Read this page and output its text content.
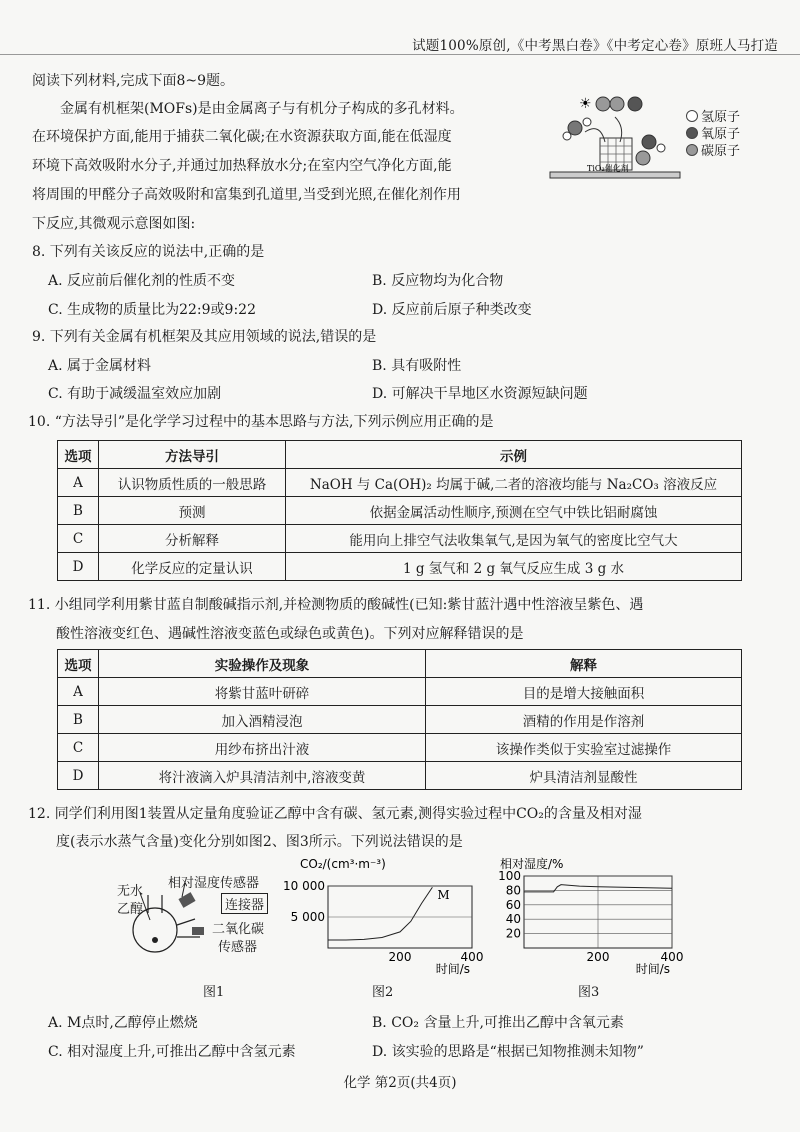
试题100%原创,《中考黑白卷》《中考定心卷》原班人马打造
阅读下列材料,完成下面8~9题。
金属有机框架(MOFs)是由金属离子与有机分子构成的多孔材料。
在环境保护方面,能用于捕获二氧化碳;在水资源获取方面,能在低湿度
环境下高效吸附水分子,并通过加热释放水分;在室内空气净化方面,能
将周围的甲醛分子高效吸附和富集到孔道里,当受到光照,在催化剂作用
下反应,其微观示意图如图:
☀
TiO₂催化剂
氢原子
氧原子
碳原子
8. 下列有关该反应的说法中,正确的是
A. 反应前后催化剂的性质不变	B. 反应物均为化合物
C. 生成物的质量比为22:9或9:22	D. 反应前后原子种类改变
9. 下列有关金属有机框架及其应用领域的说法,错误的是
A. 属于金属材料	B. 具有吸附性
C. 有助于减缓温室效应加剧	D. 可解决干旱地区水资源短缺问题
10. “方法导引”是化学学习过程中的基本思路与方法,下列示例应用正确的是
选项	方法导引	示例
A	认识物质性质的一般思路	NaOH 与 Ca(OH)₂ 均属于碱,二者的溶液均能与 Na₂CO₃ 溶液反应
B	预测	依据金属活动性顺序,预测在空气中铁比铝耐腐蚀
C	分析解释	能用向上排空气法收集氧气,是因为氧气的密度比空气大
D	化学反应的定量认识	1 g 氢气和 2 g 氧气反应生成 3 g 水
11. 小组同学利用紫甘蓝自制酸碱指示剂,并检测物质的酸碱性(已知:紫甘蓝汁遇中性溶液呈紫色、遇
酸性溶液变红色、遇碱性溶液变蓝色或绿色或黄色)。下列对应解释错误的是
选项	实验操作及现象	解释
A	将紫甘蓝叶研碎	目的是增大接触面积
B	加入酒精浸泡	酒精的作用是作溶剂
C	用纱布挤出汁液	该操作类似于实验室过滤操作
D	将汁液滴入炉具清洁剂中,溶液变黄	炉具清洁剂显酸性
12. 同学们利用图1装置从定量角度验证乙醇中含有碳、氢元素,测得实验过程中CO₂的含量及相对湿
度(表示水蒸气含量)变化分别如图2、图3所示。下列说法错误的是
无水
乙醇
相对湿度传感器
连接器
二氧化碳
传感器
图1
CO₂/(cm³·m⁻³)
10 000
5 000
200	400
时间/s
M
图2
相对湿度/%
100
80
60
40
20
200	400
时间/s
图3
A. M点时,乙醇停止燃烧	B. CO₂ 含量上升,可推出乙醇中含氧元素
C. 相对湿度上升,可推出乙醇中含氢元素	D. 该实验的思路是“根据已知物推测未知物”
化学 第2页(共4页)
